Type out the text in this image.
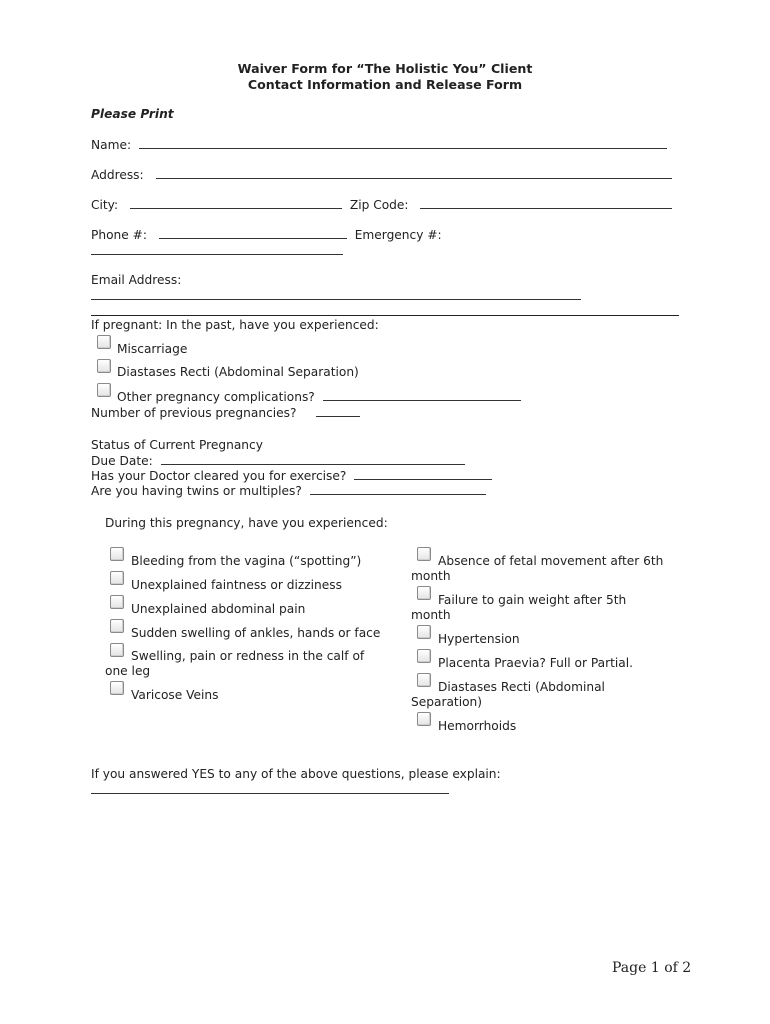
Waiver Form for “The Holistic You” Client
Contact Information and Release Form
Please Print
Name:
Address:
City:	Zip Code:
Phone #:	Emergency #:
Email Address:
If pregnant: In the past, have you experienced:
Miscarriage
Diastases Recti (Abdominal Separation)
Other pregnancy complications?
Number of previous pregnancies?
Status of Current Pregnancy
Due Date:
Has your Doctor cleared you for exercise?
Are you having twins or multiples?
During this pregnancy, have you experienced:
Bleeding from the vagina (“spotting”)
Unexplained faintness or dizziness
Unexplained abdominal pain
Sudden swelling of ankles, hands or face
Swelling, pain or redness in the calf of one leg
Varicose Veins
Absence of fetal movement after 6th month
Failure to gain weight after 5th month
Hypertension
Placenta Praevia? Full or Partial.
Diastases Recti (Abdominal Separation)
Hemorrhoids
If you answered YES to any of the above questions, please explain:
Page 1 of 2
